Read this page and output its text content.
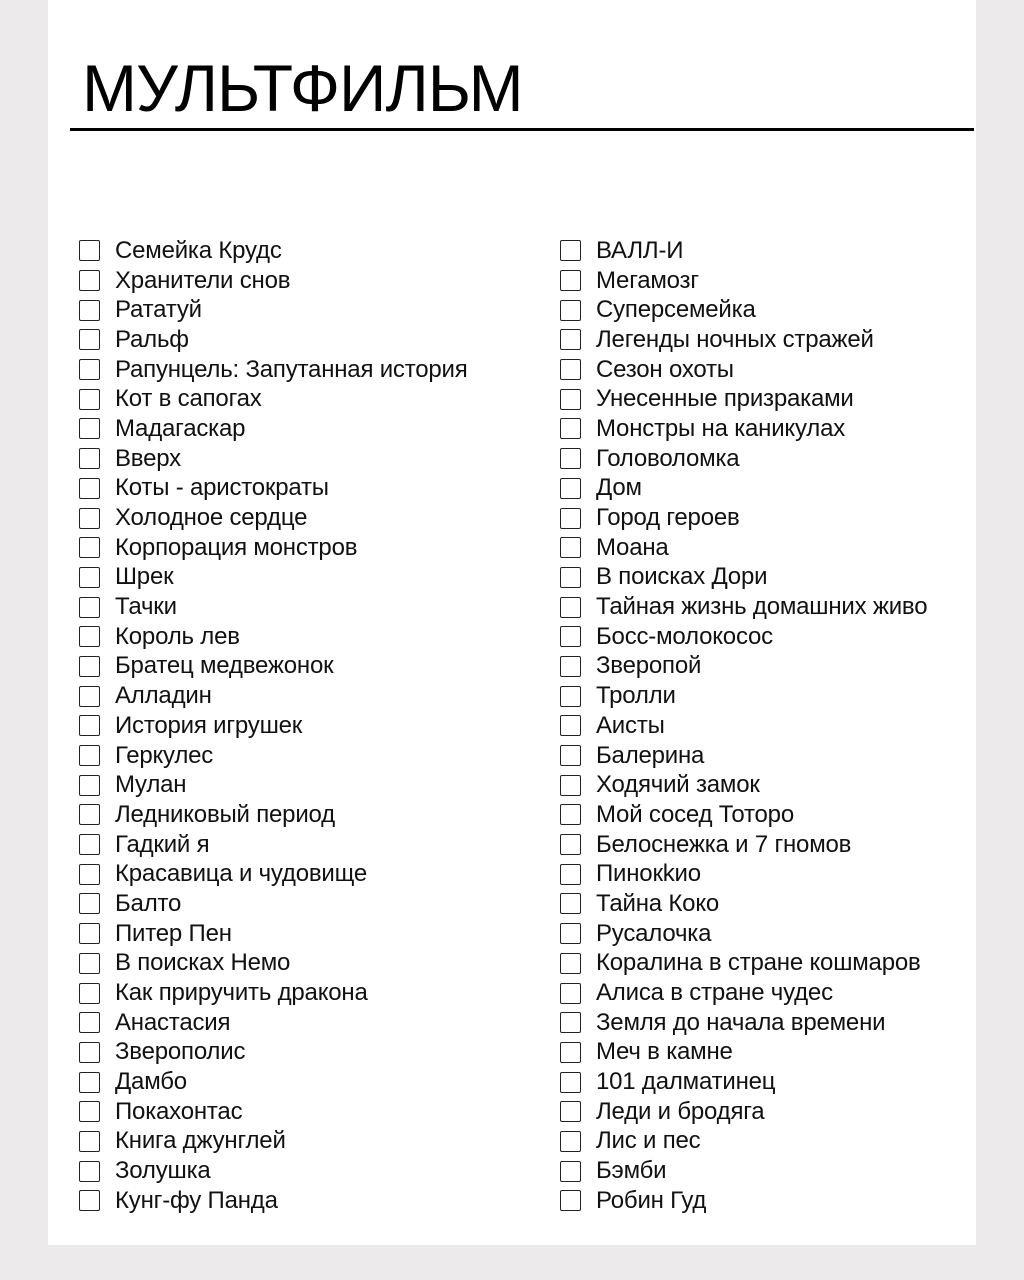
МУЛЬТФИЛЬМ
Семейка Крудс
Хранители снов
Рататуй
Ральф
Рапунцель: Запутанная история
Кот в сапогах
Мадагаскар
Вверх
Коты - аристократы
Холодное сердце
Корпорация монстров
Шрек
Тачки
Король лев
Братец медвежонок
Алладин
История игрушек
Геркулес
Мулан
Ледниковый период
Гадкий я
Красавица и чудовище
Балто
Питер Пен
В поисках Немо
Как приручить дракона
Анастасия
Зверополис
Дамбо
Покахонтас
Книга джунглей
Золушка
Кунг-фу Панда
ВАЛЛ-И
Мегамозг
Суперсемейка
Легенды ночных стражей
Сезон охоты
Унесенные призраками
Монстры на каникулах
Головоломка
Дом
Город героев
Моана
В поисках Дори
Тайная жизнь домашних живо
Босс-молокосос
Зверопой
Тролли
Аисты
Балерина
Ходячий замок
Мой сосед Тоторо
Белоснежка и 7 гномов
Пинокkио
Тайна Коко
Русалочка
Коралина в стране кошмаров
Алиса в стране чудес
Земля до начала времени
Меч в камне
101 далматинец
Леди и бродяга
Лис и пес
Бэмби
Робин Гуд
